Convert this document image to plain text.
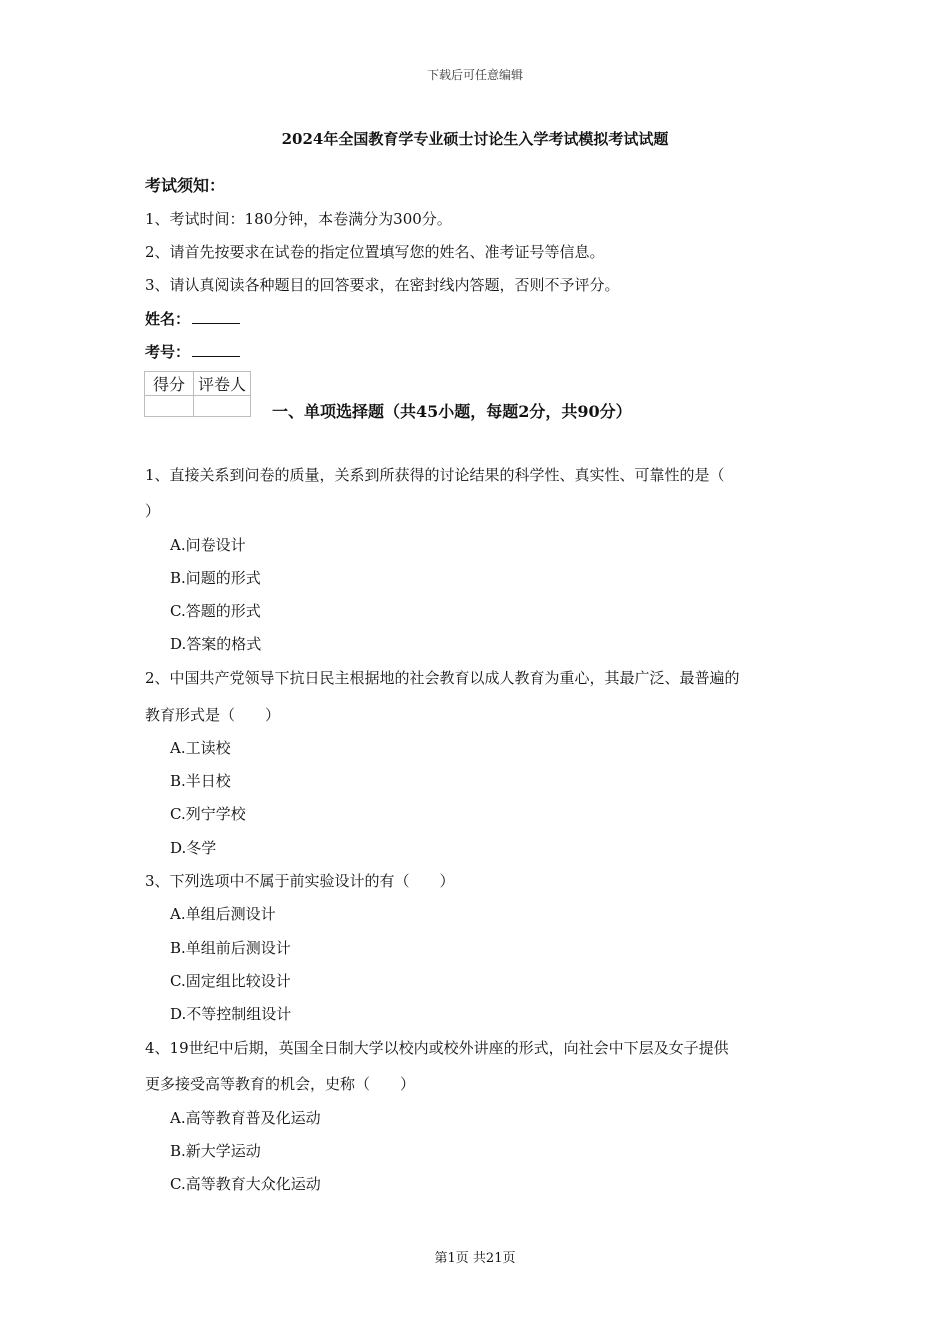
下载后可任意编辑
2024年全国教育学专业硕士讨论生入学考试模拟考试试题
考试须知：
1、考试时间：180分钟，本卷满分为300分。
2、请首先按要求在试卷的指定位置填写您的姓名、准考证号等信息。
3、请认真阅读各种题目的回答要求，在密封线内答题，否则不予评分。
姓名：
考号：
得分	评卷人

一、单项选择题（共45小题，每题2分，共90分）
1、直接关系到问卷的质量，关系到所获得的讨论结果的科学性、真实性、可靠性的是（
）
A.问卷设计
B.问题的形式
C.答题的形式
D.答案的格式
2、中国共产党领导下抗日民主根据地的社会教育以成人教育为重心，其最广泛、最普遍的
教育形式是（　　）
A.工读校
B.半日校
C.列宁学校
D.冬学
3、下列选项中不属于前实验设计的有（　　）
A.单组后测设计
B.单组前后测设计
C.固定组比较设计
D.不等控制组设计
4、19世纪中后期，英国全日制大学以校内或校外讲座的形式，向社会中下层及女子提供
更多接受高等教育的机会，史称（　　）
A.高等教育普及化运动
B.新大学运动
C.高等教育大众化运动
第1页 共21页
